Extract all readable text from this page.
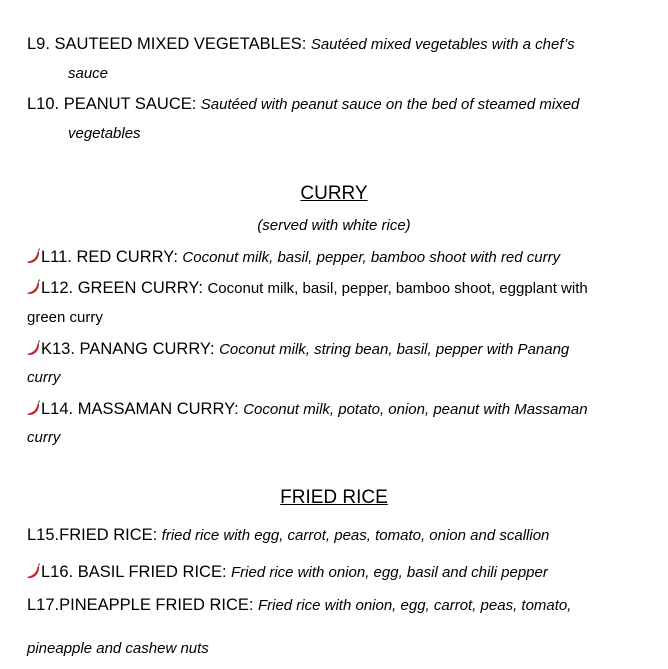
L9. SAUTEED MIXED VEGETABLES: Sautéed mixed vegetables with a chef’s
sauce
L10. PEANUT SAUCE: Sautéed with peanut sauce on the bed of steamed mixed
vegetables
CURRY
(served with white rice)
L11. RED CURRY: Coconut milk, basil, pepper, bamboo shoot with red curry
L12. GREEN CURRY: Coconut milk, basil, pepper, bamboo shoot, eggplant with
green curry
K13. PANANG CURRY: Coconut milk, string bean, basil, pepper with Panang
curry
L14. MASSAMAN CURRY: Coconut milk, potato, onion, peanut with Massaman
curry
FRIED RICE
L15.FRIED RICE: fried rice with egg, carrot, peas, tomato, onion and scallion
L16. BASIL FRIED RICE: Fried rice with onion, egg, basil and chili pepper
L17.PINEAPPLE FRIED RICE: Fried rice with onion, egg, carrot, peas, tomato,
pineapple and cashew nuts
